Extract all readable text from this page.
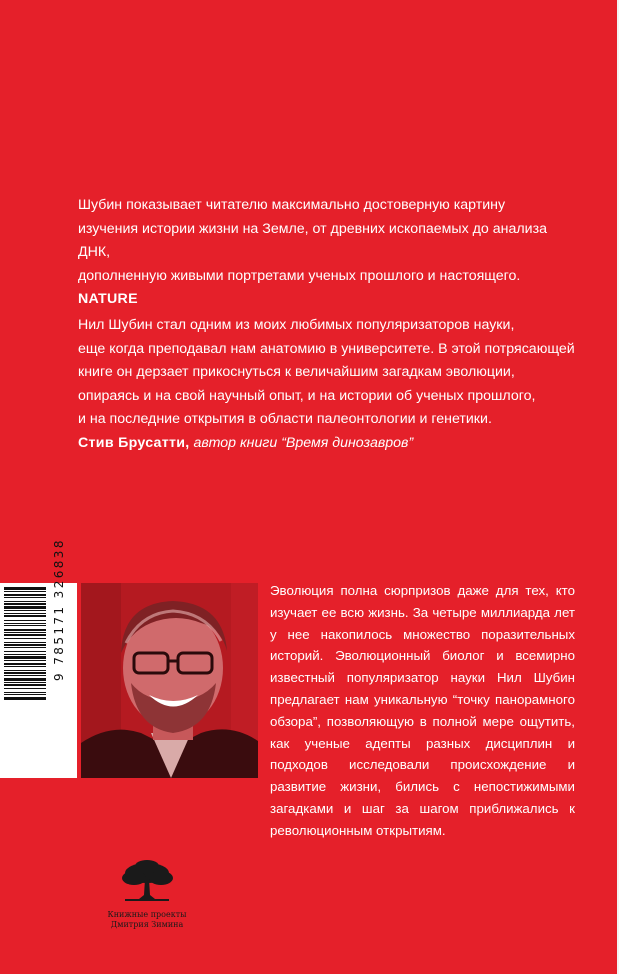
Шубин показывает читателю максимально достоверную картину

изучения истории жизни на Земле, от древних ископаемых до анализа ДНК,

дополненную живыми портретами ученых прошлого и настоящего.

NATURE

Нил Шубин стал одним из моих любимых популяризаторов науки,

еще когда преподавал нам анатомию в университете. В этой потрясающей

книге он дерзает прикоснуться к величайшим загадкам эволюции,

опираясь и на свой научный опыт, и на истории об ученых прошлого,

и на последние открытия в области палеонтологии и генетики.

Стив Брусатти, автор книги “Время динозавров”

9 785171 326838	Эволюция полна сюрпризов даже для тех, кто изучает ее всю жизнь. За четыре миллиарда лет у нее накопилось множество поразительных историй. Эволюционный биолог и всемирно известный популяризатор науки Нил Шубин предлагает нам уникальную “точку панорамного обзора”, позволяющую в полной мере ощутить, как ученые адепты разных дисциплин и подходов исследовали происхождение и развитие жизни, бились с непостижимыми загадками и шаг за шагом приближались к революционным открытиям.
Книжные проекты
Дмитрия Зимина
